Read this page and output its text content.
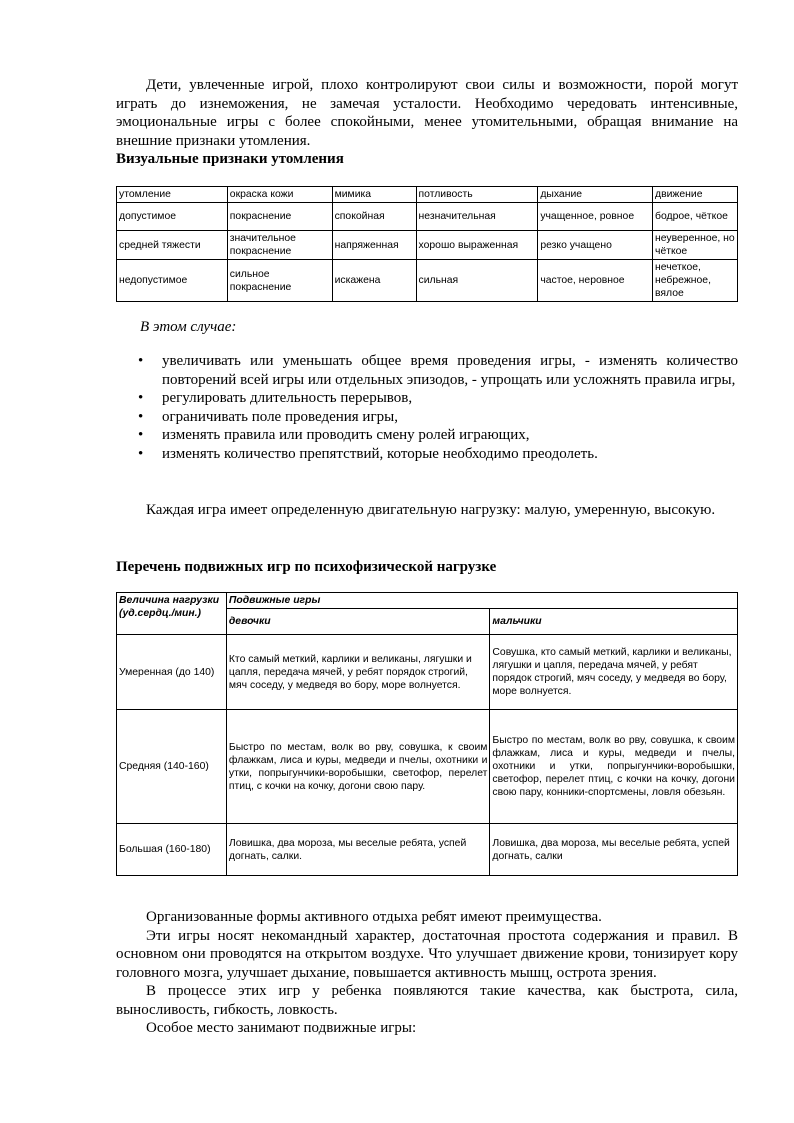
Дети, увлеченные игрой, плохо контролируют свои силы и возможности, порой могут играть до изнеможения, не замечая усталости. Необходимо чередовать интенсивные, эмоциональные игры с более спокойными, менее утомительными, обращая внимание на внешние признаки утомления.

Визуальные признаки утомления

утомление	окраска кожи	мимика	потливость	дыхание	движение
допустимое	покраснение	спокойная	незначительная	учащенное, ровное	бодрое, чёткое
средней тяжести	значительное покраснение	напряженная	хорошо выраженная	резко учащено	неуверенное, но чёткое
недопустимое	сильное покраснение	искажена	сильная	частое, неровное	нечеткое, небрежное, вялое

В этом случае:

• увеличивать или уменьшать общее время проведения игры, - изменять количество повторений всей игры или отдельных эпизодов, - упрощать или усложнять правила игры,
• регулировать длительность перерывов,
• ограничивать поле проведения игры,
• изменять правила или проводить смену ролей играющих,
• изменять количество препятствий, которые необходимо преодолеть.

Каждая игра имеет определенную двигательную нагрузку: малую, умеренную, высокую.

Перечень подвижных игр по психофизической нагрузке

Величина нагрузки (уд.сердц./мин.)	Подвижные игры	
	девочки	мальчики
Умеренная (до 140)	Кто самый меткий, карлики и великаны, лягушки и цапля, передача мячей, у ребят порядок строгий, мяч соседу, у медведя во бору, море волнуется.	Совушка, кто самый меткий, карлики и великаны, лягушки и цапля, передача мячей, у ребят порядок строгий, мяч соседу, у медведя во бору, море волнуется.
Средняя (140-160)	Быстро по местам, волк во рву, совушка, к своим флажкам, лиса и куры, медведи и пчелы, охотники и утки, попрыгунчики-воробышки, светофор, перелет птиц, с кочки на кочку, догони свою пару.	Быстро по местам, волк во рву, совушка, к своим флажкам, лиса и куры, медведи и пчелы, охотники и утки, попрыгунчики-воробышки, светофор, перелет птиц, с кочки на кочку, догони свою пару, конники-спортсмены, ловля обезьян.
Большая (160-180)	Ловишка, два мороза, мы веселые ребята, успей догнать, салки.	Ловишка, два мороза, мы веселые ребята, успей догнать, салки

Организованные формы активного отдыха ребят имеют преимущества.

Эти игры носят некомандный характер, достаточная простота содержания и правил. В основном они проводятся на открытом воздухе. Что улучшает движение крови, тонизирует кору головного мозга, улучшает дыхание, повышается активность мышц, острота зрения.

В процессе этих игр у ребенка появляются такие качества, как быстрота, сила, выносливость, гибкость, ловкость.

Особое место занимают подвижные игры:
